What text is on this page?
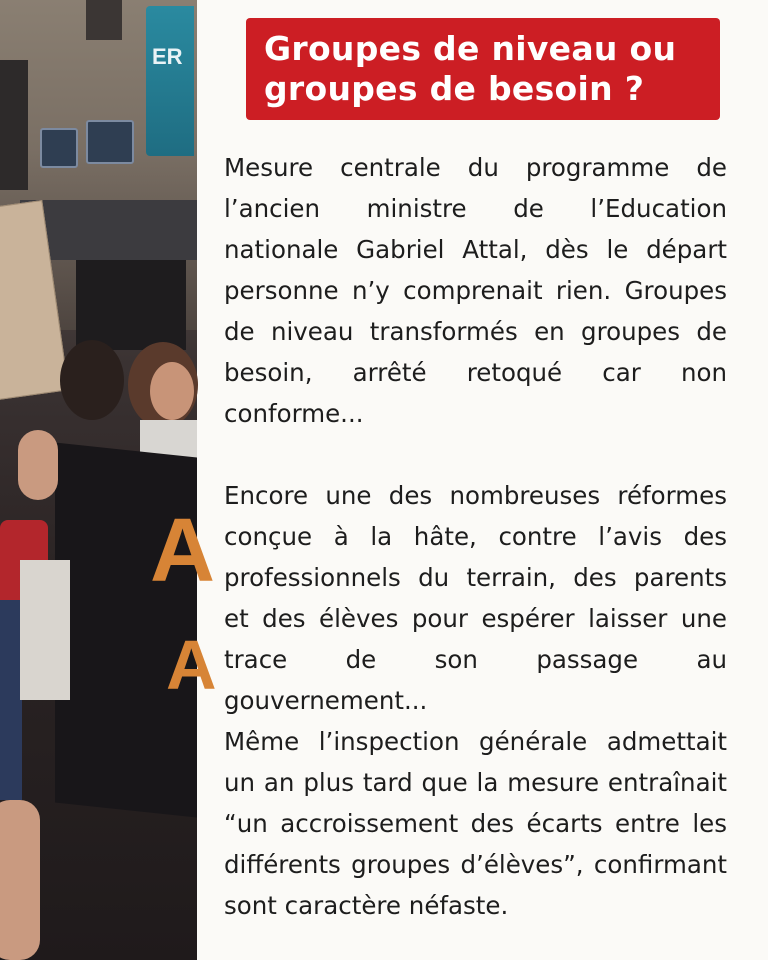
ER
A
A
Groupes de niveau ou
groupes de besoin ?
Mesure centrale du programme de
l’ancien ministre de l’Education
nationale Gabriel Attal, dès le départ
personne n’y comprenait rien. Groupes
de niveau transformés en groupes de
besoin, arrêté retoqué car non
conforme...
Encore une des nombreuses réformes
conçue à la hâte, contre l’avis des
professionnels du terrain, des parents
et des élèves pour espérer laisser une
trace de son passage au
gouvernement...
Même l’inspection générale admettait
un an plus tard que la mesure entraînait
“un accroissement des écarts entre les
différents groupes d’élèves”, confirmant
sont caractère néfaste.
